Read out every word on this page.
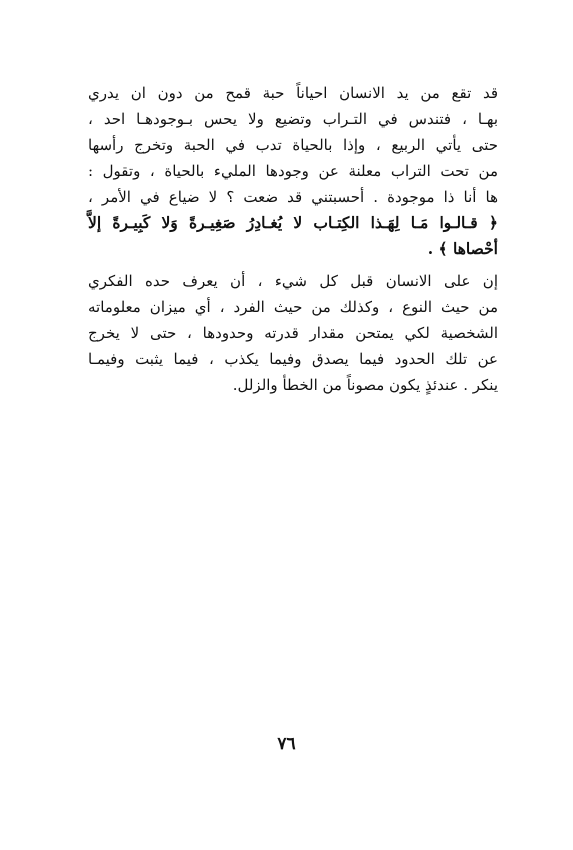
قد تقع من يد الانسان احياناً حبة قمح من دون ان يدري
بهـا ، فتندس في التـراب وتضيع ولا يحس بـوجودهـا احد ،
حتى يأتي الربيع ، وإذا بالحياة تدب في الحبة وتخرج رأسها
من تحت التراب معلنة عن وجودها المليء بالحياة ، وتقول :
ها أنا ذا موجودة . أحسبتني قد ضعت ؟ لا ضياع في الأمر ،
﴿ قـالـوا مَـا لِهَـذا الكِتـاب لا يُغـادِرُ صَغِيـرةً وَلا كَبِيـرةً إلاَّ
أحْصاها ﴾ .
إن على الانسان قبل كل شيء ، أن يعرف حده الفكري
من حيث النوع ، وكذلك من حيث الفرد ، أي ميزان معلوماته
الشخصية لكي يمتحن مقدار قدرته وحدودها ، حتى لا يخرج
عن تلك الحدود فيما يصدق وفيما يكذب ، فيما يثبت وفيمـا
ينكر . عندئذٍ يكون مصوناً من الخطأ والزلل.
٧٦
